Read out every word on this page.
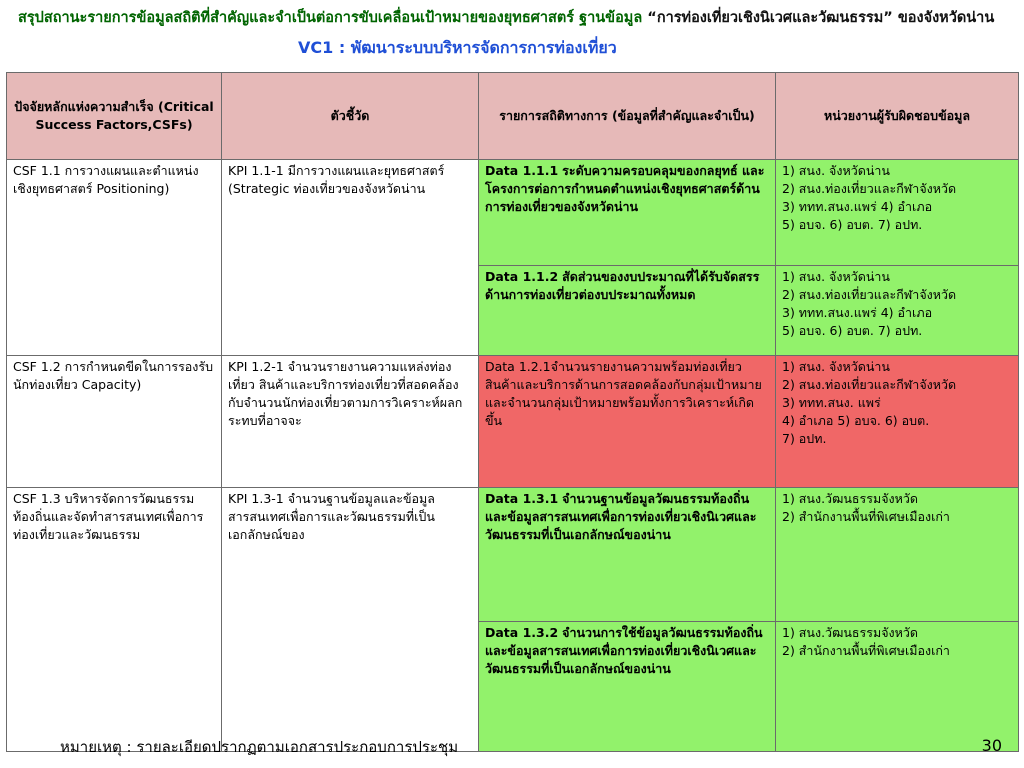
สรุปสถานะรายการข้อมูลสถิติที่สำคัญและจำเป็นต่อการขับเคลื่อนเป้าหมายของยุทธศาสตร์ ฐานข้อมูล “การท่องเที่ยวเชิงนิเวศและวัฒนธรรม” ของจังหวัดน่าน
VC1 : พัฒนาระบบบริหารจัดการการท่องเที่ยว
ปัจจัยหลักแห่งความสำเร็จ (Critical Success Factors,CSFs)	ตัวชี้วัด	รายการสถิติทางการ (ข้อมูลที่สำคัญและจำเป็น)	หน่วยงานผู้รับผิดชอบข้อมูล
CSF 1.1 การวางแผนและตำแหน่งเชิงยุทธศาสตร์ Positioning)	KPI 1.1-1 มีการวางแผนและยุทธศาสตร์ (Strategic ท่องเที่ยวของจังหวัดน่าน	Data 1.1.1 ระดับความครอบคลุมของกลยุทธ์ และโครงการต่อการกำหนดตำแหน่งเชิงยุทธศาสตร์ด้านการท่องเที่ยวของจังหวัดน่าน	1) สนง. จังหวัดน่าน
2) สนง.ท่องเที่ยวและกีฬาจังหวัด
3) ททท.สนง.แพร่ 4) อำเภอ
5) อบจ. 6) อบต. 7) อปท.

		Data 1.1.2 สัดส่วนของงบประมาณที่ได้รับจัดสรรด้านการท่องเที่ยวต่องบประมาณทั้งหมด	1) สนง. จังหวัดน่าน
2) สนง.ท่องเที่ยวและกีฬาจังหวัด
3) ททท.สนง.แพร่ 4) อำเภอ
5) อบจ. 6) อบต. 7) อปท.

CSF 1.2 การกำหนดขีดในการรองรับนักท่องเที่ยว Capacity)	KPI 1.2-1 จำนวนรายงานความแหล่งท่องเที่ยว สินค้าและบริการท่องเที่ยวที่สอดคล้องกับจำนวนนักท่องเที่ยวตามการวิเคราะห์ผลกระทบที่อาจจะ	Data 1.2.1จำนวนรายงานความพร้อมท่องเที่ยว สินค้าและบริการด้านการสอดคล้องกับกลุ่มเป้าหมายและจำนวนกลุ่มเป้าหมายพร้อมทั้งการวิเคราะห์เกิดขึ้น	1) สนง. จังหวัดน่าน
2) สนง.ท่องเที่ยวและกีฬาจังหวัด
3) ททท.สนง. แพร่
4) อำเภอ 5) อบจ. 6) อบต.
7) อปท.

CSF 1.3 บริหารจัดการวัฒนธรรมท้องถิ่นและจัดทำสารสนเทศเพื่อการท่องเที่ยวและวัฒนธรรม	KPI 1.3-1 จำนวนฐานข้อมูลและข้อมูลสารสนเทศเพื่อการและวัฒนธรรมที่เป็นเอกลักษณ์ของ	Data 1.3.1 จำนวนฐานข้อมูลวัฒนธรรมท้องถิ่นและข้อมูลสารสนเทศเพื่อการท่องเที่ยวเชิงนิเวศและวัฒนธรรมที่เป็นเอกลักษณ์ของน่าน	1) สนง.วัฒนธรรมจังหวัด
2) สำนักงานพื้นที่พิเศษเมืองเก่า

		Data 1.3.2 จำนวนการใช้ข้อมูลวัฒนธรรมท้องถิ่นและข้อมูลสารสนเทศเพื่อการท่องเที่ยวเชิงนิเวศและวัฒนธรรมที่เป็นเอกลักษณ์ของน่าน	1) สนง.วัฒนธรรมจังหวัด
2) สำนักงานพื้นที่พิเศษเมืองเก่า
หมายเหตุ : รายละเอียดปรากฏตามเอกสารประกอบการประชุม	30
